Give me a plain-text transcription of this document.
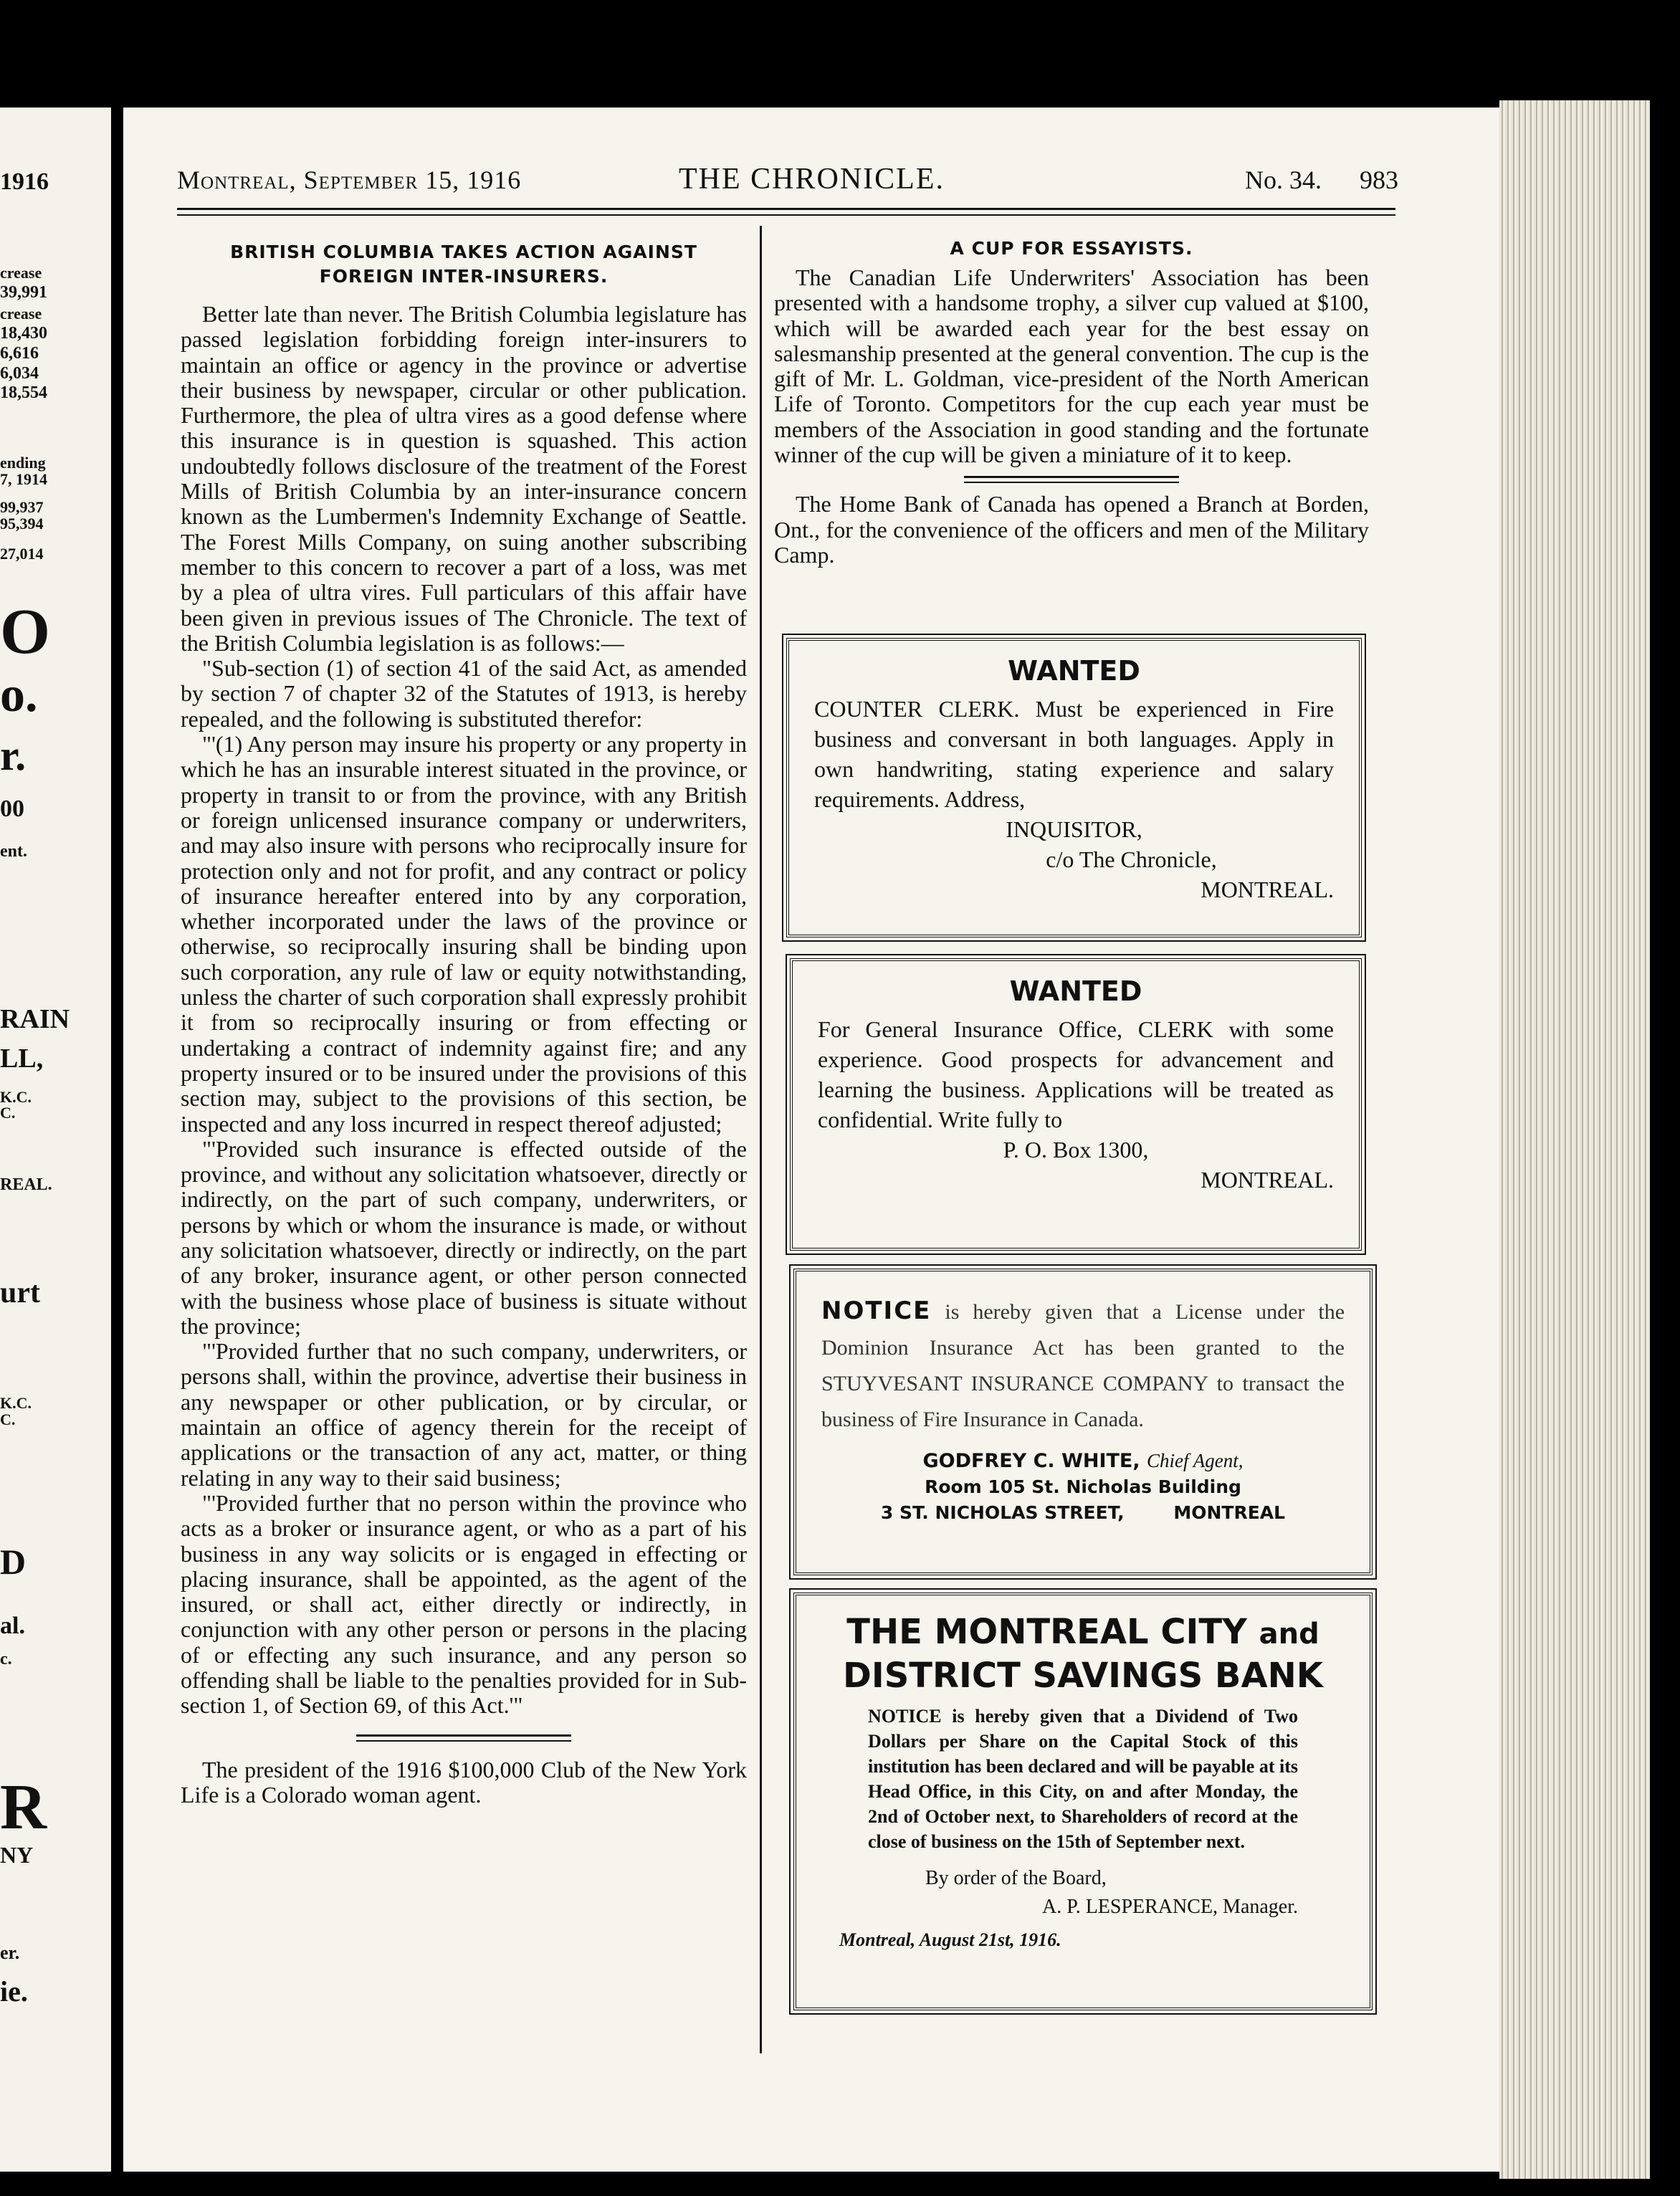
1916
crease
39,991
crease
18,430
6,616
6,034
18,554
ending
7, 1914
99,937
95,394
27,014
O
o.
r.
00
ent.
RAIN
LL,
K.C.
C.
REAL.
urt
K.C.
C.
D
al.
c.
R
NY
er.
ie.
Montreal, September 15, 1916	THE CHRONICLE.	No. 34. 983
BRITISH COLUMBIA TAKES ACTION AGAINST
FOREIGN INTER-INSURERS.

Better late than never. The British Columbia legislature has passed legislation forbidding foreign inter-insurers to maintain an office or agency in the province or advertise their business by newspaper, circular or other publication. Furthermore, the plea of ultra vires as a good defense where this insurance is in question is squashed. This action undoubtedly follows disclosure of the treatment of the Forest Mills of British Columbia by an inter-insurance concern known as the Lumbermen's Indemnity Exchange of Seattle. The Forest Mills Company, on suing another subscribing member to this concern to recover a part of a loss, was met by a plea of ultra vires. Full particulars of this affair have been given in previous issues of The Chronicle. The text of the British Columbia legislation is as follows:—

"Sub-section (1) of section 41 of the said Act, as amended by section 7 of chapter 32 of the Statutes of 1913, is hereby repealed, and the following is substituted therefor:

"'(1) Any person may insure his property or any property in which he has an insurable interest situated in the province, or property in transit to or from the province, with any British or foreign unlicensed insurance company or underwriters, and may also insure with persons who reciprocally insure for protection only and not for profit, and any contract or policy of insurance hereafter entered into by any corporation, whether incorporated under the laws of the province or otherwise, so reciprocally insuring shall be binding upon such corporation, any rule of law or equity notwithstanding, unless the charter of such corporation shall expressly prohibit it from so reciprocally insuring or from effecting or undertaking a contract of indemnity against fire; and any property insured or to be insured under the provisions of this section may, subject to the provisions of this section, be inspected and any loss incurred in respect thereof adjusted;

"'Provided such insurance is effected outside of the province, and without any solicitation whatsoever, directly or indirectly, on the part of such company, underwriters, or persons by which or whom the insurance is made, or without any solicitation whatsoever, directly or indirectly, on the part of any broker, insurance agent, or other person connected with the business whose place of business is situate without the province;

"'Provided further that no such company, underwriters, or persons shall, within the province, advertise their business in any newspaper or other publication, or by circular, or maintain an office of agency therein for the receipt of applications or the transaction of any act, matter, or thing relating in any way to their said business;

"'Provided further that no person within the province who acts as a broker or insurance agent, or who as a part of his business in any way solicits or is engaged in effecting or placing insurance, shall be appointed, as the agent of the insured, or shall act, either directly or indirectly, in conjunction with any other person or persons in the placing of or effecting any such insurance, and any person so offending shall be liable to the penalties provided for in Sub-section 1, of Section 69, of this Act.'"

The president of the 1916 $100,000 Club of the New York Life is a Colorado woman agent.

A CUP FOR ESSAYISTS.

The Canadian Life Underwriters' Association has been presented with a handsome trophy, a silver cup valued at $100, which will be awarded each year for the best essay on salesmanship presented at the general convention. The cup is the gift of Mr. L. Goldman, vice-president of the North American Life of Toronto. Competitors for the cup each year must be members of the Association in good standing and the fortunate winner of the cup will be given a miniature of it to keep.

The Home Bank of Canada has opened a Branch at Borden, Ont., for the convenience of the officers and men of the Military Camp.

WANTED
COUNTER CLERK. Must be experienced in Fire business and conversant in both languages. Apply in own handwriting, stating experience and salary requirements. Address,
INQUISITOR,
c/o The Chronicle,
MONTREAL.
WANTED
For General Insurance Office, CLERK with some experience. Good prospects for advancement and learning the business. Applications will be treated as confidential. Write fully to
P. O. Box 1300,
MONTREAL.
NOTICE is hereby given that a License under the Dominion Insurance Act has been granted to the STUYVESANT INSURANCE COMPANY to transact the business of Fire Insurance in Canada.
GODFREY C. WHITE, Chief Agent,
Room 105 St. Nicholas Building
3 ST. NICHOLAS STREET,	MONTREAL
THE MONTREAL CITY and
DISTRICT SAVINGS BANK
NOTICE is hereby given that a Dividend of Two Dollars per Share on the Capital Stock of this institution has been declared and will be payable at its Head Office, in this City, on and after Monday, the 2nd of October next, to Shareholders of record at the close of business on the 15th of September next.
By order of the Board,
A. P. LESPERANCE, Manager.
Montreal, August 21st, 1916.
